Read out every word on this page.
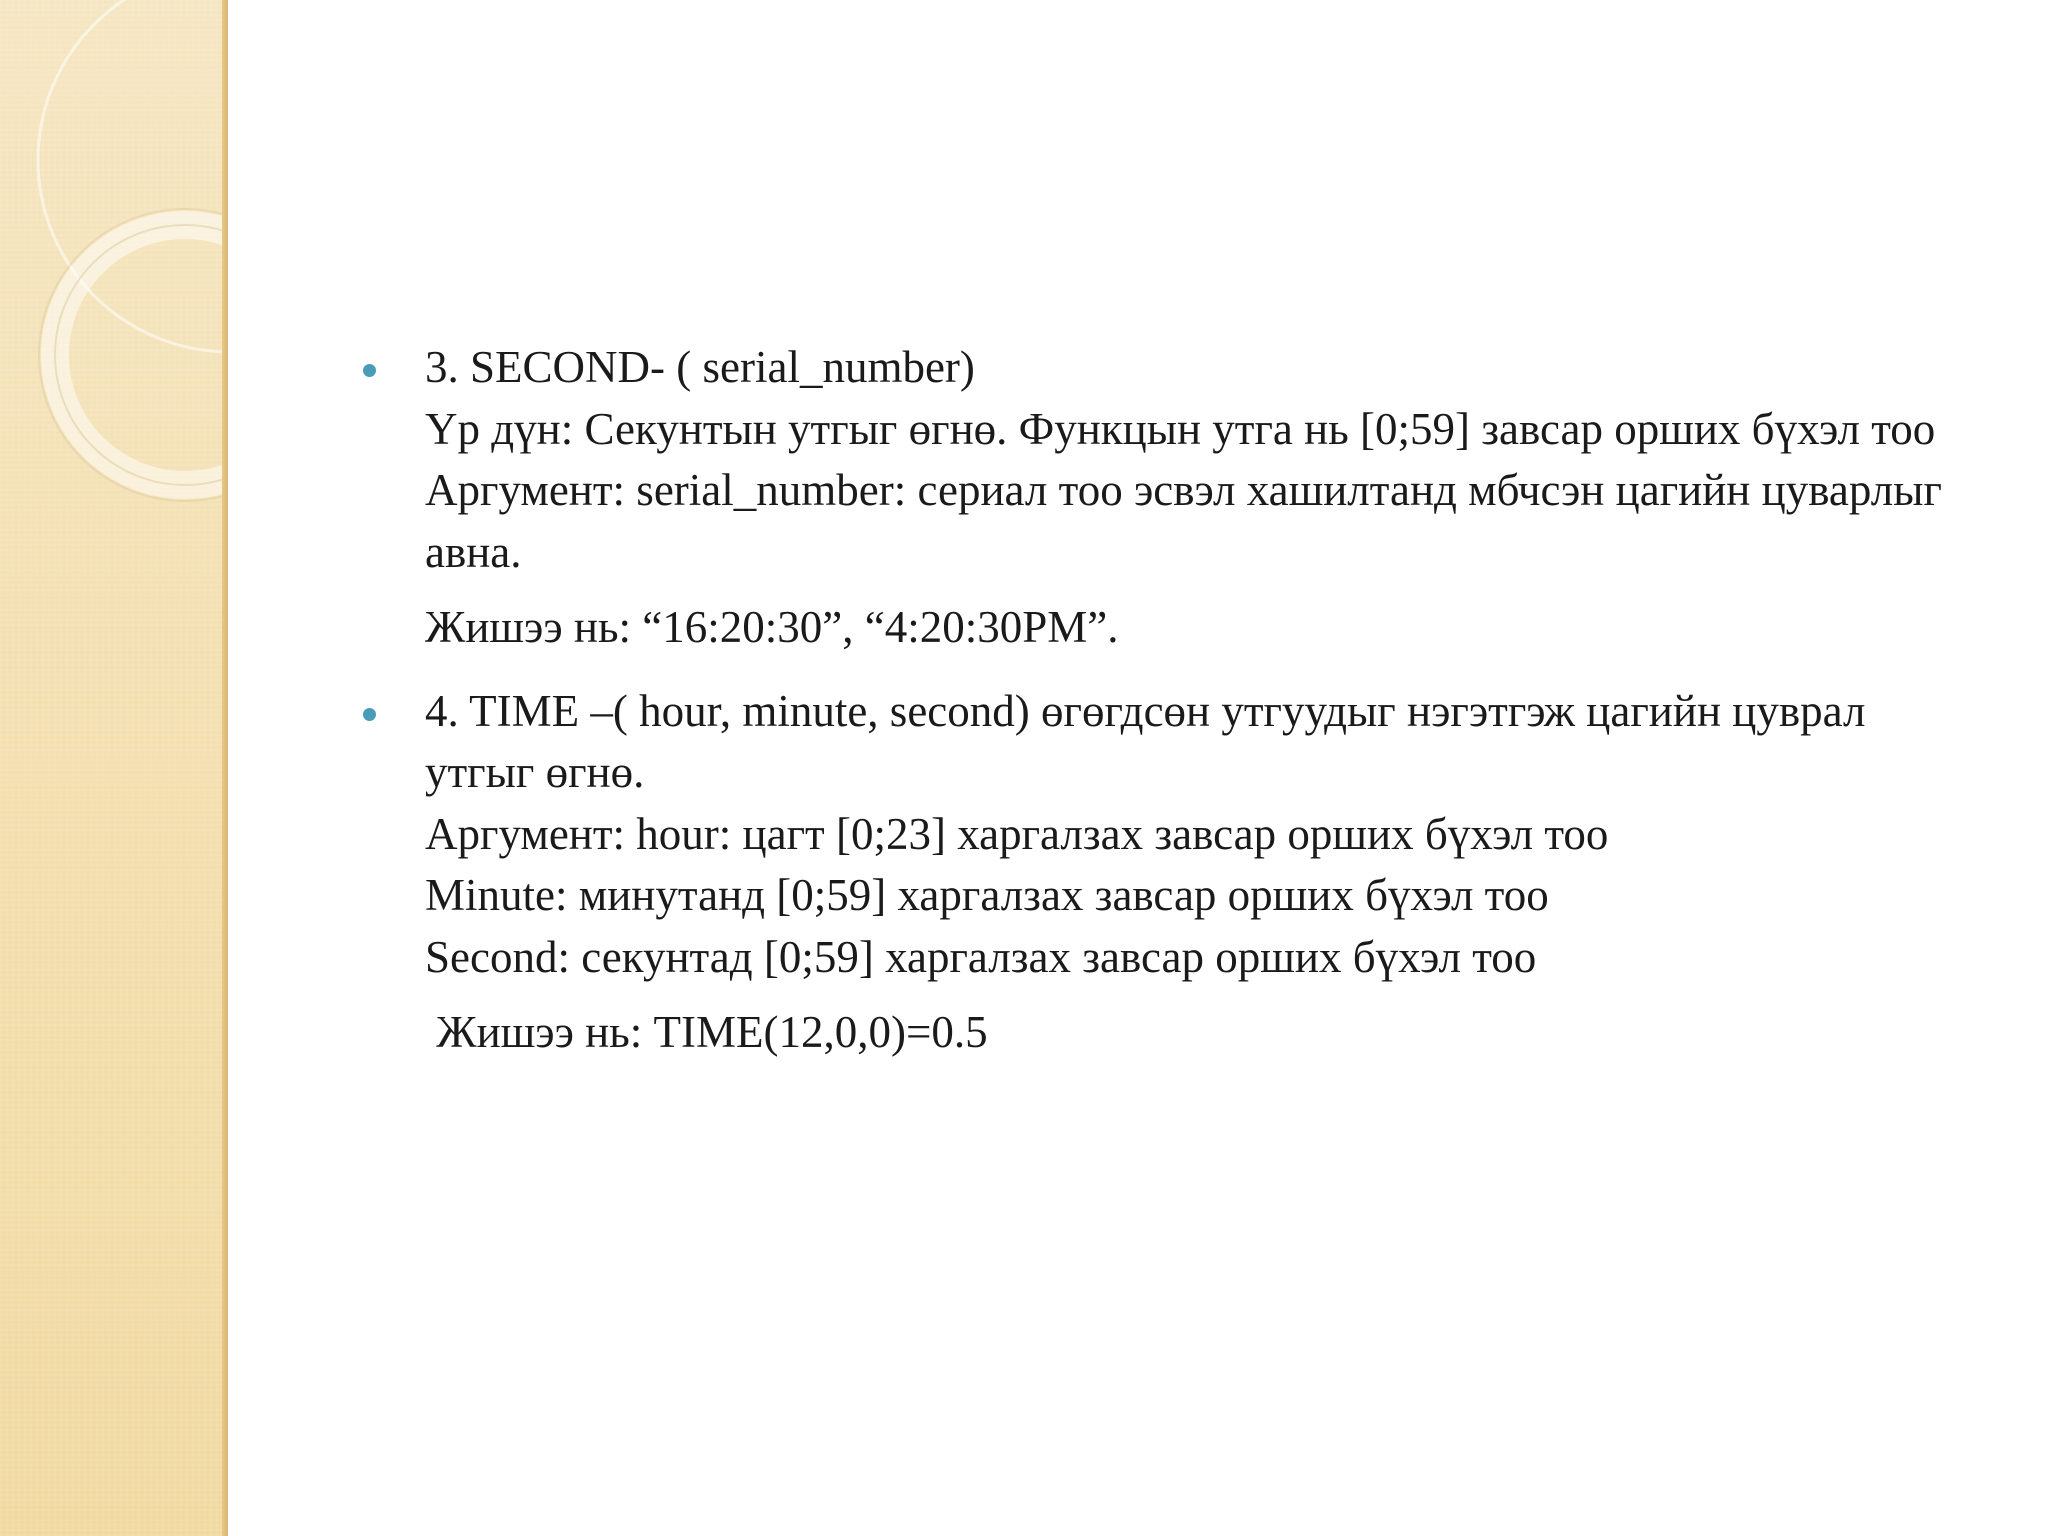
3. SECOND- ( serial_number)
Үр дүн: Секунтын утгыг өгнө. Функцын утга нь [0;59] завсар орших бүхэл тоо
Аргумент: serial_number: сериал тоо эсвэл хашилтанд мбчсэн цагийн цуварлыг авна.
Жишээ нь: “16:20:30”, “4:20:30PM”.
4. TIME –( hour, minute, second) өгөгдсөн утгуудыг нэгэтгэж цагийн цуврал утгыг өгнө.
Аргумент: hour: цагт [0;23] харгалзах завсар орших бүхэл тоо
Minute: минутанд [0;59] харгалзах завсар орших бүхэл тоо
Second: секунтад [0;59] харгалзах завсар орших бүхэл тоо
Жишээ нь: TIME(12,0,0)=0.5
